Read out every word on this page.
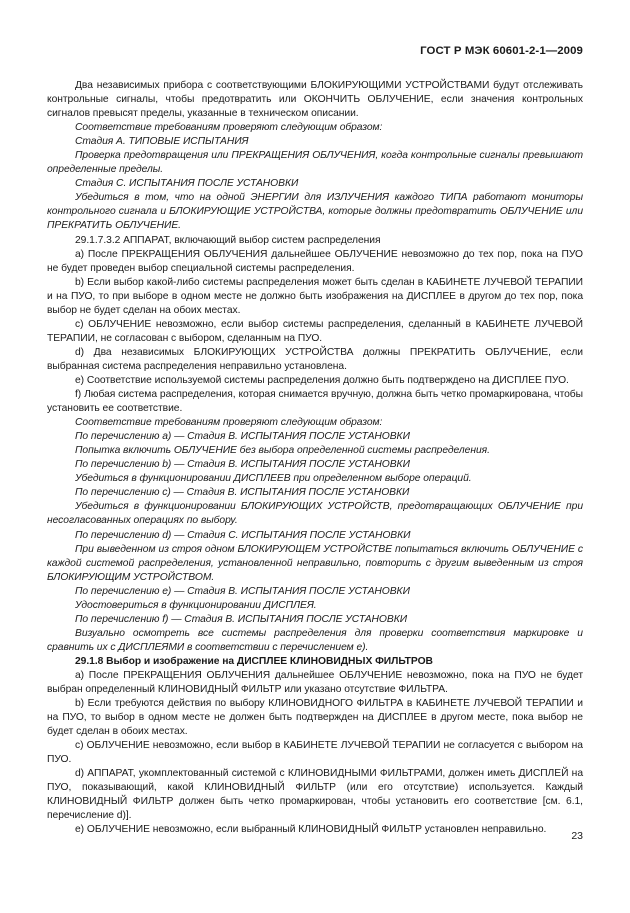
ГОСТ Р МЭК 60601-2-1—2009

Два независимых прибора с соответствующими БЛОКИРУЮЩИМИ УСТРОЙСТВАМИ будут отслеживать контрольные сигналы, чтобы предотвратить или ОКОНЧИТЬ ОБЛУЧЕНИЕ, если значения контрольных сигналов превысят пределы, указанные в техническом описании.

Соответствие требованиям проверяют следующим образом:

Стадия А. ТИПОВЫЕ ИСПЫТАНИЯ

Проверка предотвращения или ПРЕКРАЩЕНИЯ ОБЛУЧЕНИЯ, когда контрольные сигналы превышают определенные пределы.

Стадия С. ИСПЫТАНИЯ ПОСЛЕ УСТАНОВКИ

Убедиться в том, что на одной ЭНЕРГИИ для ИЗЛУЧЕНИЯ каждого ТИПА работают мониторы контрольного сигнала и БЛОКИРУЮЩИЕ УСТРОЙСТВА, которые должны предотвратить ОБЛУЧЕНИЕ или ПРЕКРАТИТЬ ОБЛУЧЕНИЕ.

29.1.7.3.2 АППАРАТ, включающий выбор систем распределения

а) После ПРЕКРАЩЕНИЯ ОБЛУЧЕНИЯ дальнейшее ОБЛУЧЕНИЕ невозможно до тех пор, пока на ПУО не будет проведен выбор специальной системы распределения.

b) Если выбор какой-либо системы распределения может быть сделан в КАБИНЕТЕ ЛУЧЕВОЙ ТЕРАПИИ и на ПУО, то при выборе в одном месте не должно быть изображения на ДИСПЛЕЕ в другом до тех пор, пока выбор не будет сделан на обоих местах.

с) ОБЛУЧЕНИЕ невозможно, если выбор системы распределения, сделанный в КАБИНЕТЕ ЛУЧЕВОЙ ТЕРАПИИ, не согласован с выбором, сделанным на ПУО.

d) Два независимых БЛОКИРУЮЩИХ УСТРОЙСТВА должны ПРЕКРАТИТЬ ОБЛУЧЕНИЕ, если выбранная система распределения неправильно установлена.

е) Соответствие используемой системы распределения должно быть подтверждено на ДИСПЛЕЕ ПУО.

f) Любая система распределения, которая снимается вручную, должна быть четко промаркирована, чтобы установить ее соответствие.

Соответствие требованиям проверяют следующим образом:

По перечислению а) — Стадия В. ИСПЫТАНИЯ ПОСЛЕ УСТАНОВКИ

Попытка включить ОБЛУЧЕНИЕ без выбора определенной системы распределения.

По перечислению b) — Стадия В. ИСПЫТАНИЯ ПОСЛЕ УСТАНОВКИ

Убедиться в функционировании ДИСПЛЕЕВ при определенном выборе операций.

По перечислению с) — Стадия В. ИСПЫТАНИЯ ПОСЛЕ УСТАНОВКИ

Убедиться в функционировании БЛОКИРУЮЩИХ УСТРОЙСТВ, предотвращающих ОБЛУЧЕНИЕ при несогласованных операциях по выбору.

По перечислению d) — Стадия С. ИСПЫТАНИЯ ПОСЛЕ УСТАНОВКИ

При выведенном из строя одном БЛОКИРУЮЩЕМ УСТРОЙСТВЕ попытаться включить ОБЛУЧЕНИЕ с каждой системой распределения, установленной неправильно, повторить с другим выведенным из строя БЛОКИРУЮЩИМ УСТРОЙСТВОМ.

По перечислению е) — Стадия В. ИСПЫТАНИЯ ПОСЛЕ УСТАНОВКИ

Удостовериться в функционировании ДИСПЛЕЯ.

По перечислению f) — Стадия В. ИСПЫТАНИЯ ПОСЛЕ УСТАНОВКИ

Визуально осмотреть все системы распределения для проверки соответствия маркировке и сравнить их с ДИСПЛЕЯМИ в соответствии с перечислением е).

29.1.8 Выбор и изображение на ДИСПЛЕЕ КЛИНОВИДНЫХ ФИЛЬТРОВ

а) После ПРЕКРАЩЕНИЯ ОБЛУЧЕНИЯ дальнейшее ОБЛУЧЕНИЕ невозможно, пока на ПУО не будет выбран определенный КЛИНОВИДНЫЙ ФИЛЬТР или указано отсутствие ФИЛЬТРА.

b) Если требуются действия по выбору КЛИНОВИДНОГО ФИЛЬТРА в КАБИНЕТЕ ЛУЧЕВОЙ ТЕРАПИИ и на ПУО, то выбор в одном месте не должен быть подтвержден на ДИСПЛЕЕ в другом месте, пока выбор не будет сделан в обоих местах.

с) ОБЛУЧЕНИЕ невозможно, если выбор в КАБИНЕТЕ ЛУЧЕВОЙ ТЕРАПИИ не согласуется с выбором на ПУО.

d) АППАРАТ, укомплектованный системой с КЛИНОВИДНЫМИ ФИЛЬТРАМИ, должен иметь ДИСПЛЕЙ на ПУО, показывающий, какой КЛИНОВИДНЫЙ ФИЛЬТР (или его отсутствие) используется. Каждый КЛИНОВИДНЫЙ ФИЛЬТР должен быть четко промаркирован, чтобы установить его соответствие [см. 6.1, перечисление d)].

е) ОБЛУЧЕНИЕ невозможно, если выбранный КЛИНОВИДНЫЙ ФИЛЬТР установлен неправильно.

23
